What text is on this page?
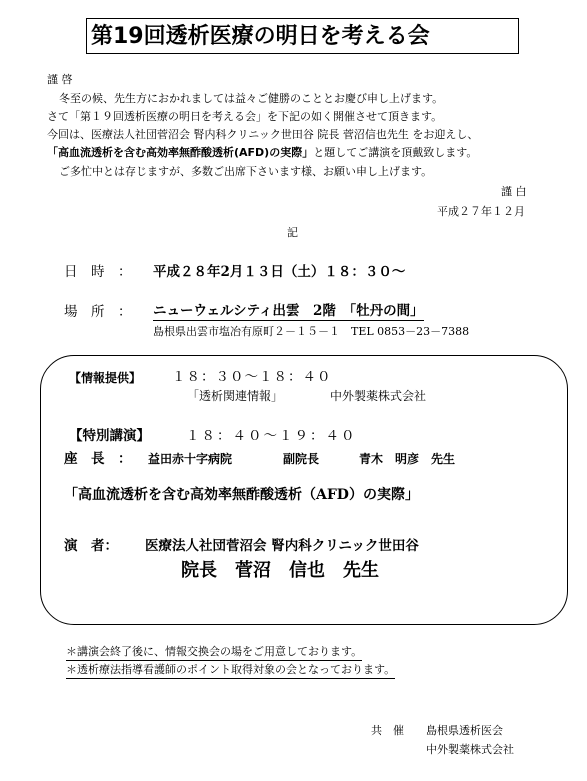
第19回透析医療の明日を考える会
謹 啓
冬至の候、先生方におかれましては益々ご健勝のこととお慶び申し上げます。
さて「第１９回透析医療の明日を考える会」を下記の如く開催させて頂きます。
今回は、医療法人社団菅沼会 腎内科クリニック世田谷 院長 菅沼信也先生 をお迎えし、
「高血流透析を含む高効率無酢酸透析(AFD)の実際」と題してご講演を頂戴致します。
ご多忙中とは存じますが、多数ご出席下さいます様、お願い申し上げます。
謹 白
平成２７年１２月
記
日　時　： 平成２８年2月１３日（土）１８：３０～
場　所　： ニューウェルシティ出雲　2階　「牡丹の間」
島根県出雲市塩冶有原町２－１５－１　TEL 0853－23－7388
【情報提供】 １８：３０～１８：４０
「透析関連情報」	中外製薬株式会社
【特別講演】	１８：４０～１９：４０
座　長　： 益田赤十字病院	副院長	青木　明彦　先生
「高血流透析を含む高効率無酢酸透析（AFD）の実際」
演　者： 医療法人社団菅沼会 腎内科クリニック世田谷
院長　菅沼　信也　先生
＊講演会終了後に、情報交換会の場をご用意しております。
＊透析療法指導看護師のポイント取得対象の会となっております。
共　催 島根県透析医会
中外製薬株式会社
